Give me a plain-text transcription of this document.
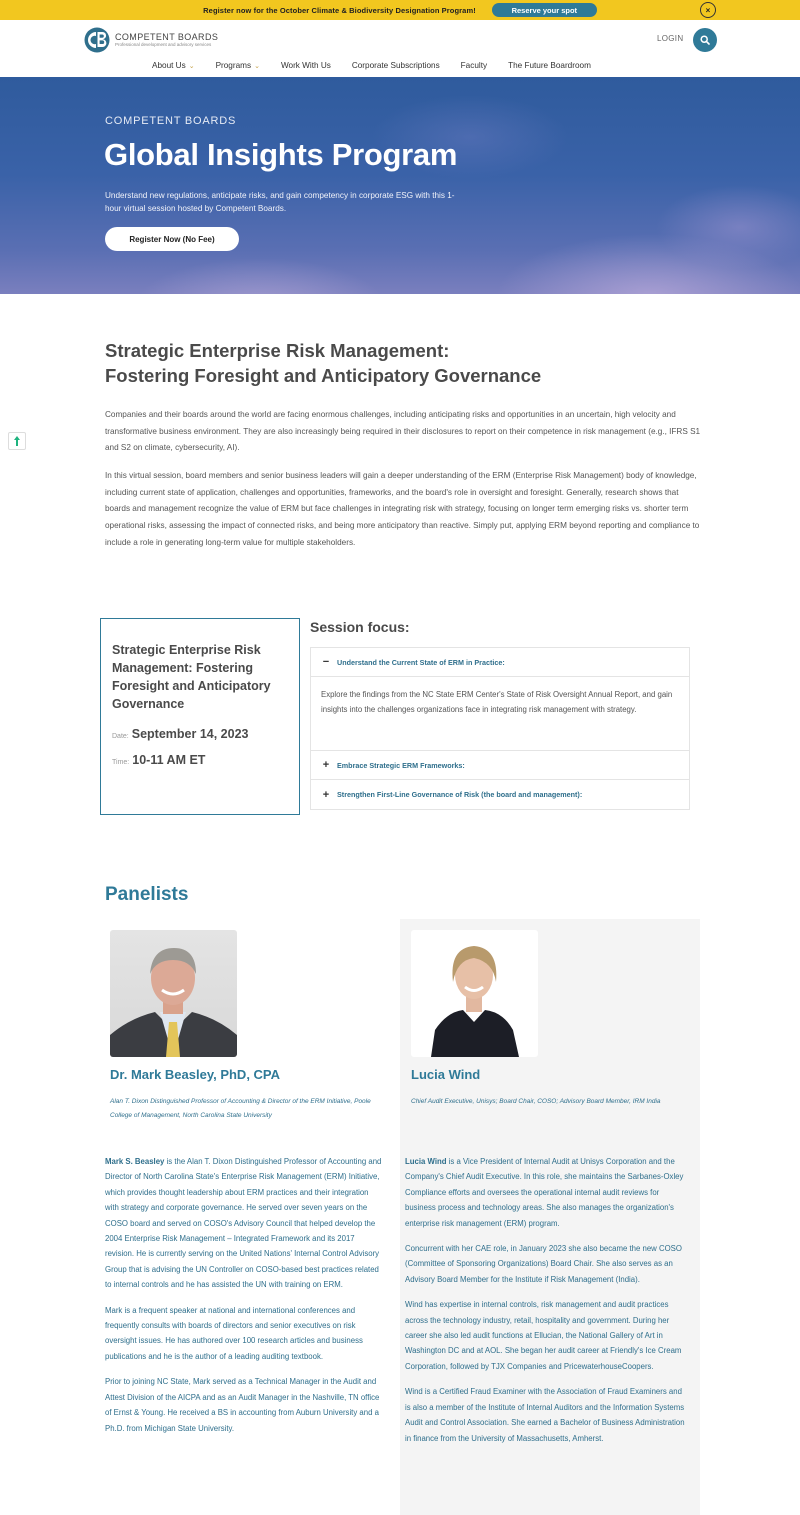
Register now for the October Climate & Biodiversity Designation Program!	Reserve your spot	×
COMPETENT BOARDS
Professional development and advisory services
LOGIN
About Us ⌄	Programs ⌄	Work With Us	Corporate Subscriptions	Faculty	The Future Boardroom
COMPETENT BOARDS
Global Insights Program

Understand new regulations, anticipate risks, and gain competency in corporate ESG with this 1-hour virtual session hosted by Competent Boards.

Register Now (No Fee)
Strategic Enterprise Risk Management:
Fostering Foresight and Anticipatory Governance

Companies and their boards around the world are facing enormous challenges, including anticipating risks and opportunities in an uncertain, high velocity and transformative business environment. They are also increasingly being required in their disclosures to report on their competence in risk management (e.g., IFRS S1 and S2 on climate, cybersecurity, AI).

In this virtual session, board members and senior business leaders will gain a deeper understanding of the ERM (Enterprise Risk Management) body of knowledge, including current state of application, challenges and opportunities, frameworks, and the board's role in oversight and foresight. Generally, research shows that boards and management recognize the value of ERM but face challenges in integrating risk with strategy, focusing on longer term emerging risks vs. shorter term operational risks, assessing the impact of connected risks, and being more anticipatory than reactive. Simply put, applying ERM beyond reporting and compliance to include a role in generating long-term value for multiple stakeholders.

Strategic Enterprise Risk Management: Fostering Foresight and Anticipatory Governance
Date: September 14, 2023
Time: 10-11 AM ET
Session focus:
− Understand the Current State of ERM in Practice:
Explore the findings from the NC State ERM Center's State of Risk Oversight Annual Report, and gain insights into the challenges organizations face in integrating risk management with strategy.
+ Embrace Strategic ERM Frameworks:
+ Strengthen First-Line Governance of Risk (the board and management):
Panelists
Dr. Mark Beasley, PhD, CPA
Alan T. Dixon Distinguished Professor of Accounting & Director of the ERM Initiative, Poole College of Management, North Carolina State University
Lucia Wind
Chief Audit Executive, Unisys; Board Chair, COSO; Advisory Board Member, IRM India

Mark S. Beasley is the Alan T. Dixon Distinguished Professor of Accounting and Director of North Carolina State's Enterprise Risk Management (ERM) Initiative, which provides thought leadership about ERM practices and their integration with strategy and corporate governance. He served over seven years on the COSO board and served on COSO's Advisory Council that helped develop the 2004 Enterprise Risk Management – Integrated Framework and its 2017 revision. He is currently serving on the United Nations' Internal Control Advisory Group that is advising the UN Controller on COSO-based best practices related to internal controls and he has assisted the UN with training on ERM.

Mark is a frequent speaker at national and international conferences and frequently consults with boards of directors and senior executives on risk oversight issues. He has authored over 100 research articles and business publications and he is the author of a leading auditing textbook.

Prior to joining NC State, Mark served as a Technical Manager in the Audit and Attest Division of the AICPA and as an Audit Manager in the Nashville, TN office of Ernst & Young. He received a BS in accounting from Auburn University and a Ph.D. from Michigan State University.

Lucia Wind is a Vice President of Internal Audit at Unisys Corporation and the Company's Chief Audit Executive. In this role, she maintains the Sarbanes-Oxley Compliance efforts and oversees the operational internal audit reviews for business process and technology areas. She also manages the organization's enterprise risk management (ERM) program.

Concurrent with her CAE role, in January 2023 she also became the new COSO (Committee of Sponsoring Organizations) Board Chair. She also serves as an Advisory Board Member for the Institute if Risk Management (India).

Wind has expertise in internal controls, risk management and audit practices across the technology industry, retail, hospitality and government. During her career she also led audit functions at Ellucian, the National Gallery of Art in Washington DC and at AOL. She began her audit career at Friendly's Ice Cream Corporation, followed by TJX Companies and PricewaterhouseCoopers.

Wind is a Certified Fraud Examiner with the Association of Fraud Examiners and is also a member of the Institute of Internal Auditors and the Information Systems Audit and Control Association. She earned a Bachelor of Business Administration in finance from the University of Massachusetts, Amherst.
